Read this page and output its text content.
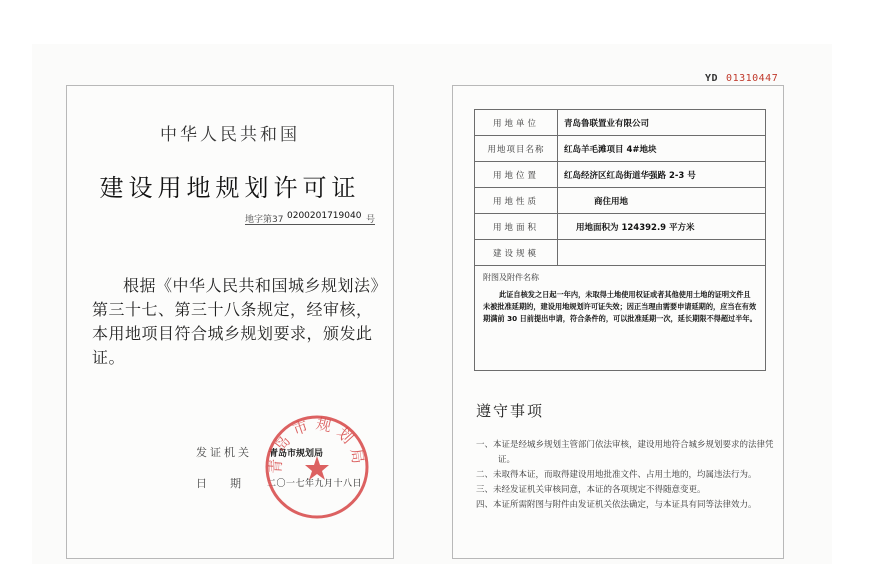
YD 01310447
中华人民共和国
建设用地规划许可证
地字第37 0200201719040 号
根据《中华人民共和国城乡规划法》第三十七、第三十八条规定，经审核，本用地项目符合城乡规划要求，颁发此证。
发证机关 青岛市规划局
日期 二〇一七年九月十八日
青岛市规划局
用地单位	青岛鲁联置业有限公司
用地项目名称	红岛羊毛滩项目 4#地块
用地位置	红岛经济区红岛街道华强路 2-3 号
用地性质	商住用地
用地面积	用地面积为 124392.9 平方米
建设规模	

附图及附件名称
此证自核发之日起一年内，未取得土地使用权证或者其他使用土地的证明文件且未被批准延期的，建设用地规划许可证失效；因正当理由需要申请延期的，应当在有效期满前 30 日前提出申请，符合条件的，可以批准延期一次，延长期限不得超过半年。	
遵守事项
一、本证是经城乡规划主管部门依法审核，建设用地符合城乡规划要求的法律凭证。
二、未取得本证，而取得建设用地批准文件、占用土地的，均属违法行为。
三、未经发证机关审核同意，本证的各项规定不得随意变更。
四、本证所需附图与附件由发证机关依法确定，与本证具有同等法律效力。
